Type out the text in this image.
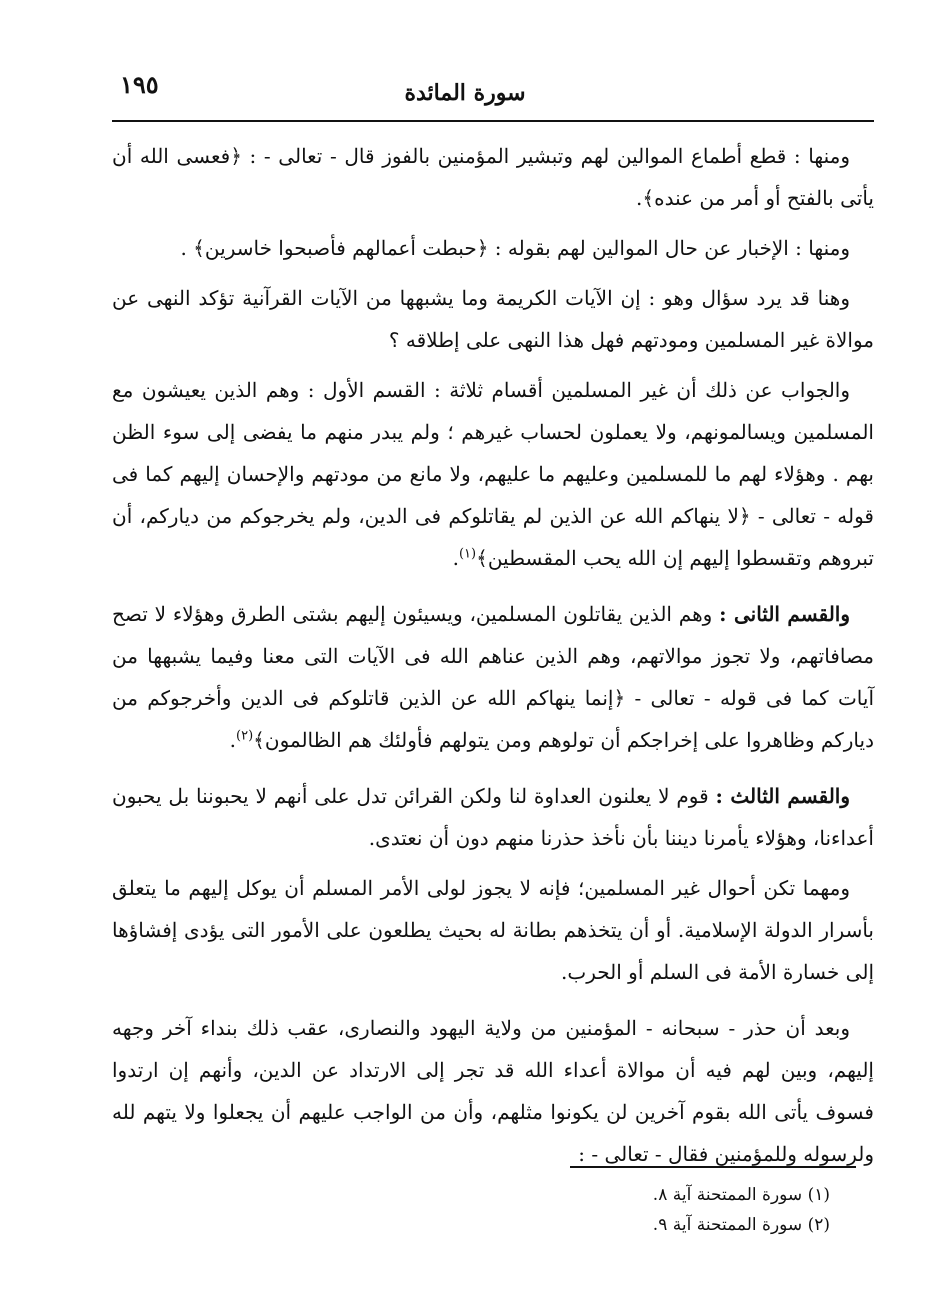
١٩٥	سورة المائدة

ومنها : قطع أطماع الموالين لهم وتبشير المؤمنين بالفوز قال - تعالى - : ﴿فعسى الله أن يأتى بالفتح أو أمر من عنده﴾.

ومنها : الإخبار عن حال الموالين لهم بقوله : ﴿حبطت أعمالهم فأصبحوا خاسرين﴾ .

وهنا قد يرد سؤال وهو : إن الآيات الكريمة وما يشبهها من الآيات القرآنية تؤكد النهى عن موالاة غير المسلمين ومودتهم فهل هذا النهى على إطلاقه ؟

والجواب عن ذلك أن غير المسلمين أقسام ثلاثة : القسم الأول : وهم الذين يعيشون مع المسلمين ويسالمونهم، ولا يعملون لحساب غيرهم ؛ ولم يبدر منهم ما يفضى إلى سوء الظن بهم . وهؤلاء لهم ما للمسلمين وعليهم ما عليهم، ولا مانع من مودتهم والإحسان إليهم كما فى قوله - تعالى - ﴿لا ينهاكم الله عن الذين لم يقاتلوكم فى الدين، ولم يخرجوكم من دياركم، أن تبروهم وتقسطوا إليهم إن الله يحب المقسطين﴾$^{(١)}$.

والقسم الثانى : وهم الذين يقاتلون المسلمين، ويسيئون إليهم بشتى الطرق وهؤلاء لا تصح مصافاتهم، ولا تجوز موالاتهم، وهم الذين عناهم الله فى الآيات التى معنا وفيما يشبهها من آيات كما فى قوله - تعالى - ﴿إنما ينهاكم الله عن الذين قاتلوكم فى الدين وأخرجوكم من دياركم وظاهروا على إخراجكم أن تولوهم ومن يتولهم فأولئك هم الظالمون﴾$^{(٢)}$.

والقسم الثالث : قوم لا يعلنون العداوة لنا ولكن القرائن تدل على أنهم لا يحبوننا بل يحبون أعداءنا، وهؤلاء يأمرنا ديننا بأن نأخذ حذرنا منهم دون أن نعتدى.

ومهما تكن أحوال غير المسلمين؛ فإنه لا يجوز لولى الأمر المسلم أن يوكل إليهم ما يتعلق بأسرار الدولة الإسلامية. أو أن يتخذهم بطانة له بحيث يطلعون على الأمور التى يؤدى إفشاؤها إلى خسارة الأمة فى السلم أو الحرب.

وبعد أن حذر - سبحانه - المؤمنين من ولاية اليهود والنصارى، عقب ذلك بنداء آخر وجهه إليهم، وبين لهم فيه أن موالاة أعداء الله قد تجر إلى الارتداد عن الدين، وأنهم إن ارتدوا فسوف يأتى الله بقوم آخرين لن يكونوا مثلهم، وأن من الواجب عليهم أن يجعلوا ولا يتهم لله ولرسوله وللمؤمنين فقال - تعالى - :

(١) سورة الممتحنة آية ٨.
(٢) سورة الممتحنة آية ٩.
